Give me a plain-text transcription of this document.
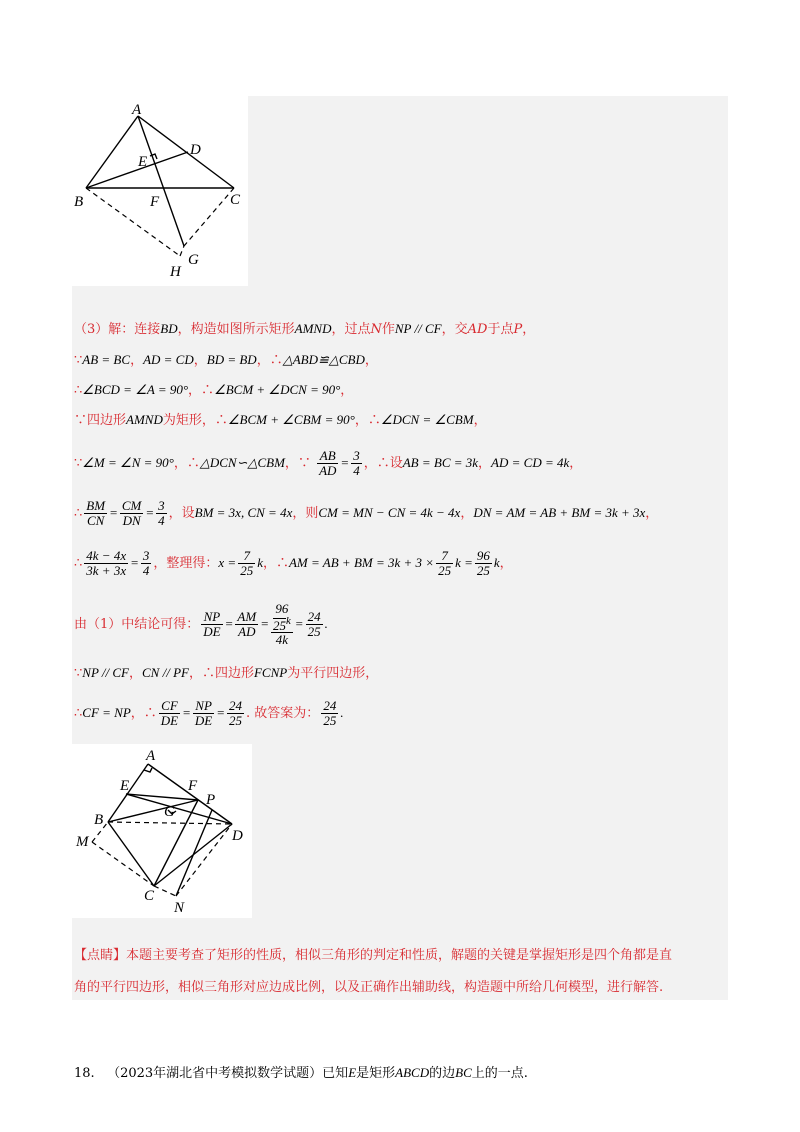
A
D
E
B	F	C
G
H
（3）解：连接BD，构造如图所示矩形AMND，过点N作NP // CF，交AD于点P，
∵AB = BC，AD = CD，BD = BD，∴△ABD≌△CBD，
∴∠BCD = ∠A = 90°，∴∠BCM + ∠DCN = 90°，
∵四边形AMND为矩形，∴∠BCM + ∠CBM = 90°，∴∠DCN = ∠CBM，
∵∠M = ∠N = 90°，∴△DCN∽△CBM，∵ $\frac{AB}{AD} = \frac{3}{4}$ ，∴设AB = BC = 3k，AD = CD = 4k，
∴ $\frac{BM}{CN} = \frac{CM}{DN} = \frac{3}{4}$ ，设BM = 3x, CN = 4x，则CM = MN − CN = 4k − 4x，DN = AM = AB + BM = 3k + 3x，
∴ $\frac{4k - 4x}{3k + 3x} = \frac{3}{4}$ ，整理得：$x = \frac{7}{25}$ k，∴AM = AB + BM = $3k + 3 \times \frac{7}{25}$ $k = \frac{96}{25}$ k，
由（1）中结论可得： $\frac{NP}{DE} = \frac{AM}{AD} = 96$
25$^k$
$4k = \frac{24}{25}$ .
∵NP // CF，CN // PF，∴四边形FCNP为平行四边形，
∴CF = NP，∴ $\frac{CF}{DE} = \frac{NP}{DE} = \frac{24}{25}$ . 故答案为： $\frac{24}{25}$ .
A
E	F
P
B	G
D
M
C
N
【点睛】本题主要考查了矩形的性质，相似三角形的判定和性质，解题的关键是掌握矩形是四个角都是直
角的平行四边形，相似三角形对应边成比例，以及正确作出辅助线，构造题中所给几何模型，进行解答.
18. （2023年湖北省中考模拟数学试题）已知E是矩形ABCD的边BC上的一点.
